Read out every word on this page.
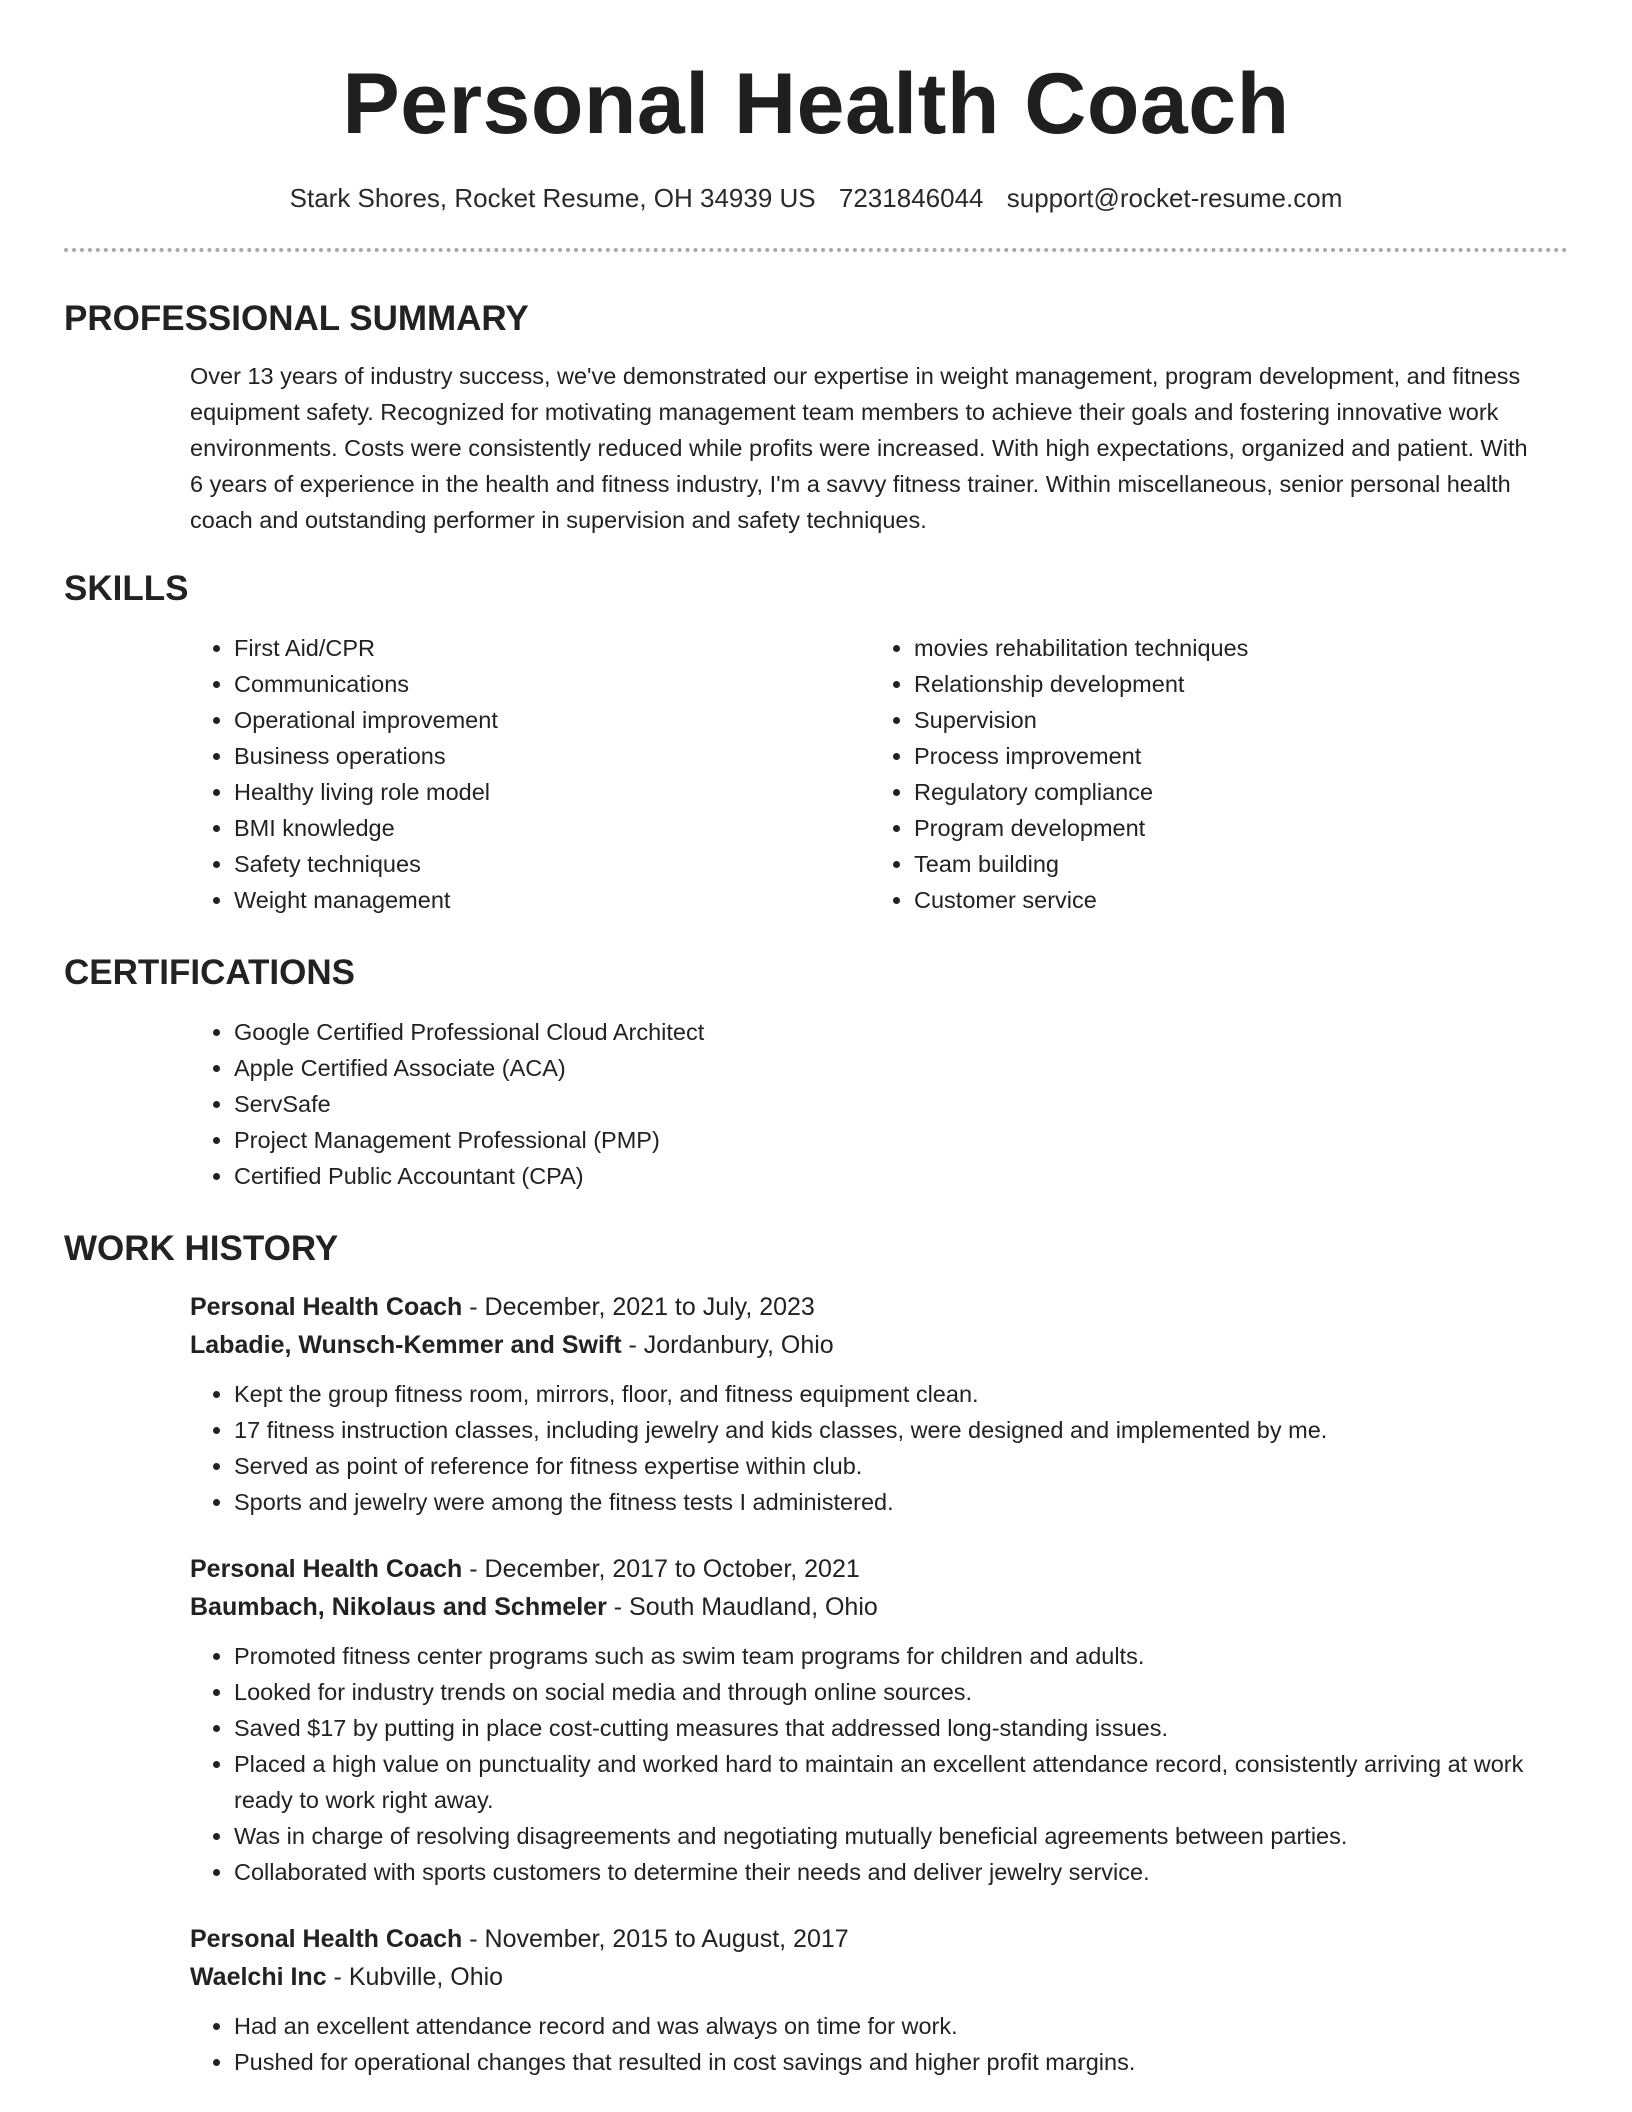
Personal Health Coach
Stark Shores, Rocket Resume, OH 34939 US 7231846044 support@rocket-resume.com
PROFESSIONAL SUMMARY

Over 13 years of industry success, we've demonstrated our expertise in weight management, program development, and fitness equipment safety. Recognized for motivating management team members to achieve their goals and fostering innovative work environments. Costs were consistently reduced while profits were increased. With high expectations, organized and patient. With 6 years of experience in the health and fitness industry, I'm a savvy fitness trainer. Within miscellaneous, senior personal health coach and outstanding performer in supervision and safety techniques.

SKILLS
• First Aid/CPR
• Communications
• Operational improvement
• Business operations
• Healthy living role model
• BMI knowledge
• Safety techniques
• Weight management
• movies rehabilitation techniques
• Relationship development
• Supervision
• Process improvement
• Regulatory compliance
• Program development
• Team building
• Customer service
CERTIFICATIONS
• Google Certified Professional Cloud Architect
• Apple Certified Associate (ACA)
• ServSafe
• Project Management Professional (PMP)
• Certified Public Accountant (CPA)
WORK HISTORY

Personal Health Coach - December, 2021 to July, 2023

Labadie, Wunsch-Kemmer and Swift - Jordanbury, Ohio

• Kept the group fitness room, mirrors, floor, and fitness equipment clean.
• 17 fitness instruction classes, including jewelry and kids classes, were designed and implemented by me.
• Served as point of reference for fitness expertise within club.
• Sports and jewelry were among the fitness tests I administered.

Personal Health Coach - December, 2017 to October, 2021

Baumbach, Nikolaus and Schmeler - South Maudland, Ohio

• Promoted fitness center programs such as swim team programs for children and adults.
• Looked for industry trends on social media and through online sources.
• Saved $17 by putting in place cost-cutting measures that addressed long-standing issues.
• Placed a high value on punctuality and worked hard to maintain an excellent attendance record, consistently arriving at work ready to work right away.
• Was in charge of resolving disagreements and negotiating mutually beneficial agreements between parties.
• Collaborated with sports customers to determine their needs and deliver jewelry service.

Personal Health Coach - November, 2015 to August, 2017

Waelchi Inc - Kubville, Ohio

• Had an excellent attendance record and was always on time for work.
• Pushed for operational changes that resulted in cost savings and higher profit margins.
